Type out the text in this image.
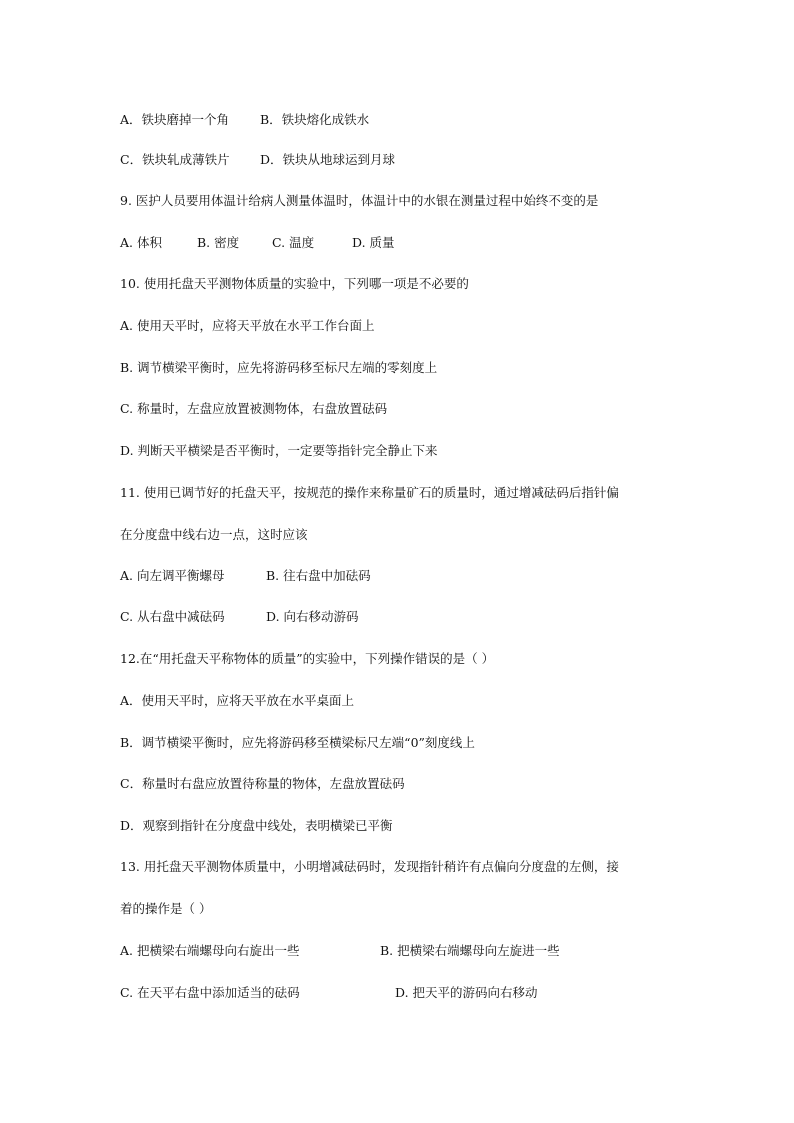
A．铁块磨掉一个角 B．铁块熔化成铁水
C．铁块轧成薄铁片 D．铁块从地球运到月球
9. 医护人员要用体温计给病人测量体温时，体温计中的水银在测量过程中始终不变的是
A. 体积	B. 密度	C. 温度	D. 质量
10. 使用托盘天平测物体质量的实验中，下列哪一项是不必要的
A. 使用天平时，应将天平放在水平工作台面上
B. 调节横梁平衡时，应先将游码移至标尺左端的零刻度上
C. 称量时，左盘应放置被测物体，右盘放置砝码
D. 判断天平横梁是否平衡时，一定要等指针完全静止下来
11. 使用已调节好的托盘天平，按规范的操作来称量矿石的质量时，通过增减砝码后指针偏
在分度盘中线右边一点，这时应该
A. 向左调平衡螺母	B. 往右盘中加砝码
C. 从右盘中减砝码	D. 向右移动游码
12.在“用托盘天平称物体的质量”的实验中，下列操作错误的是（ ）
A．使用天平时，应将天平放在水平桌面上
B．调节横梁平衡时，应先将游码移至横梁标尺左端“0”刻度线上
C．称量时右盘应放置待称量的物体，左盘放置砝码
D．观察到指针在分度盘中线处，表明横梁已平衡
13. 用托盘天平测物体质量中，小明增减砝码时，发现指针稍许有点偏向分度盘的左侧，接
着的操作是（ ）
A. 把横梁右端螺母向右旋出一些	B. 把横梁右端螺母向左旋进一些
C. 在天平右盘中添加适当的砝码	D. 把天平的游码向右移动
